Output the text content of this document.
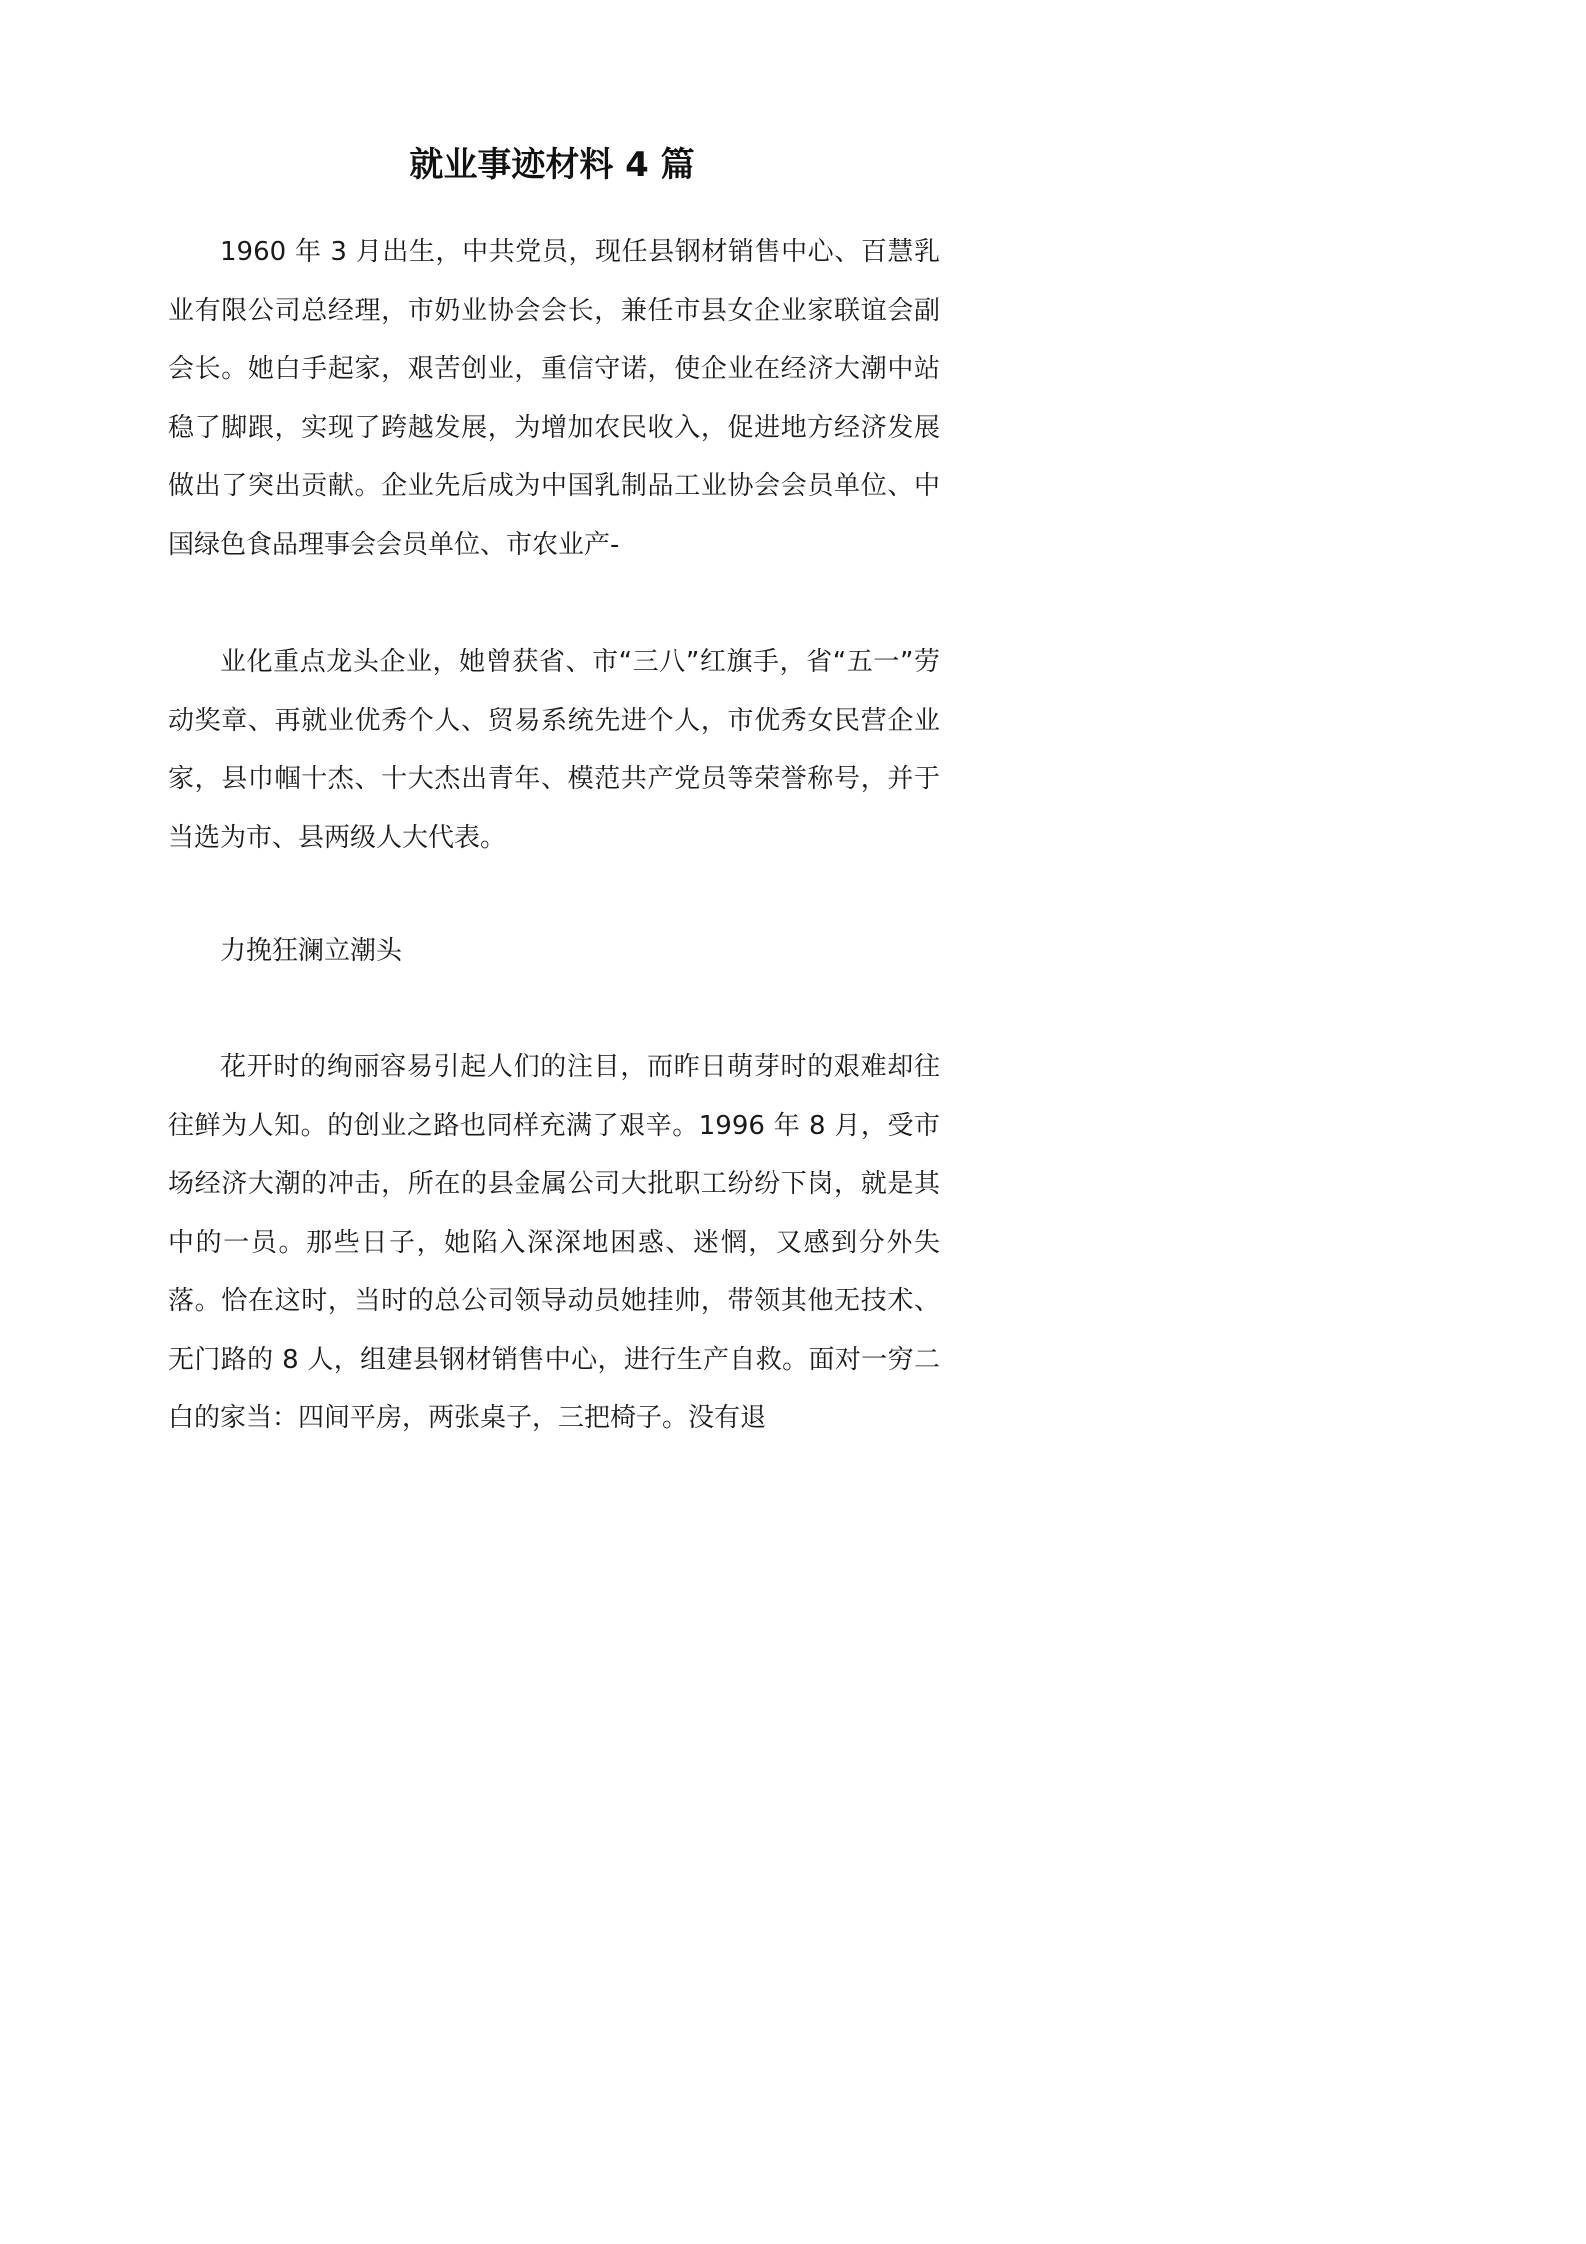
就业事迹材料 4 篇

1960 年 3 月出生，中共党员，现任县钢材销售中心、百慧乳业有限公司总经理，市奶业协会会长，兼任市县女企业家联谊会副会长。她白手起家，艰苦创业，重信守诺，使企业在经济大潮中站稳了脚跟，实现了跨越发展，为增加农民收入，促进地方经济发展做出了突出贡献。企业先后成为中国乳制品工业协会会员单位、中国绿色食品理事会会员单位、市农业产-

业化重点龙头企业，她曾获省、市“三八”红旗手，省“五一”劳动奖章、再就业优秀个人、贸易系统先进个人，市优秀女民营企业家，县巾帼十杰、十大杰出青年、模范共产党员等荣誉称号，并于当选为市、县两级人大代表。

力挽狂澜立潮头

花开时的绚丽容易引起人们的注目，而昨日萌芽时的艰难却往往鲜为人知。的创业之路也同样充满了艰辛。1996 年 8 月，受市场经济大潮的冲击，所在的县金属公司大批职工纷纷下岗，就是其中的一员。那些日子，她陷入深深地困惑、迷惘，又感到分外失落。恰在这时，当时的总公司领导动员她挂帅，带领其他无技术、无门路的 8 人，组建县钢材销售中心，进行生产自救。面对一穷二白的家当：四间平房，两张桌子，三把椅子。没有退
